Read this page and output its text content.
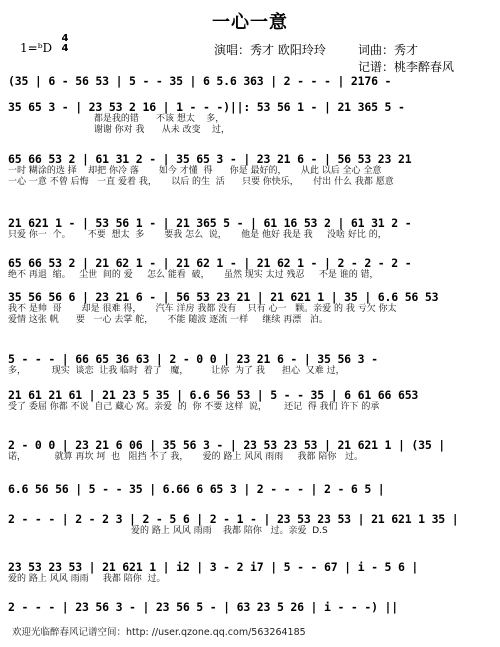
一心一意
1=ᵇD
4
4	演唱：秀才 欧阳玲玲	词曲：秀才
记谱：桃李醉春风
(35 | 6 - 56 53 | 5 - - 35 | 6 5.6 363 | 2 - - - | 2176 -
35 65 3 - | 23 53 2 16 | 1 - - -)||: 53 56 1 - | 21 365 5 -
都是我的错      不该 想太    多，
谢谢 你对 我      从未 改变    过，
65 66 53 2 | 61 31 2 - | 35 65 3 - | 23 21 6 - | 56 53 23 21
一时 糊涂的选 择    却把 你冷 落       如今 才懂  得      你是 最好的，     从此 以后 全心 全意
一心 一意 不曾 后悔   一直 爱着 我，     以后 的生  活      只要 你快乐，     付出 什么 我都 愿意
21 621 1 - | 53 56 1 - | 21 365 5 - | 61 16 53 2 | 61 31 2 -
只爱 你一  个。      不要  想太  多       要我 怎么  说，     他是 他好 我是 我     没啥 好比 的，
65 66 53 2 | 21 62 1 - | 21 62 1 - | 21 62 1 - | 2 - 2 - 2 -
绝不 再退  缩。   尘世  间的 爱     怎么 能看  破，     虽然 现实 太过 残忍     不是 谁的 错，
35 56 56 6 | 23 21 6 - | 56 53 23 21 | 21 621 1 | 35 | 6.6 56 53
我不 是帅  哥       却是 很难 得，     汽车 洋房 我都 没有    只有 心一   颗。亲爱 的 我 亏欠 你太
爱情 这张 帆      要   一心 去掌 舵，     不能 随波 逐流 一样     继续 再漂   泊。
5 - - - | 66 65 36 63 | 2 - 0 0 | 23 21 6 - | 35 56 3 -
多，         现实  谈恋  让我 临时  着了   魔，        让你  为了 我      担心  又难 过，
21 61 21 61 | 21 23 5 35 | 6.6 56 53 | 5 - - 35 | 6 61 66 653
受了 委屈 你都 不说  自己 藏心 窝。亲爱  的  你 不要 这样  说，      还记  得 我们 许下 的承
2 - 0 0 | 23 21 6 06 | 35 56 3 - | 23 53 23 53 | 21 621 1 | (35 |
诺，          就算 再坎 坷  也   阻挡 不了 我，     爱的 路上 风风 雨雨     我都 陪你   过。
6.6 56 56 | 5 - - 35 | 6.66 6 65 3 | 2 - - - | 2 - 6 5 |
2 - - - | 2 - 2 3 | 2 - 5 6 | 2 - 1 - | 23 53 23 53 | 21 621 1 35 |
爱的 路上 风风 雨雨    我都 陪你   过。亲爱  D.S
23 53 23 53 | 21 621 1 | i2 | 3 - 2 i7 | 5 - - 67 | i - 5 6 |
爱的 路上 风风 雨雨     我都 陪你  过。
2 - - - | 23 56 3 - | 23 56 5 - | 63 23 5 26 | i - - -) ||
欢迎光临醉春风记谱空间：http: //user.qzone.qq.com/563264185
